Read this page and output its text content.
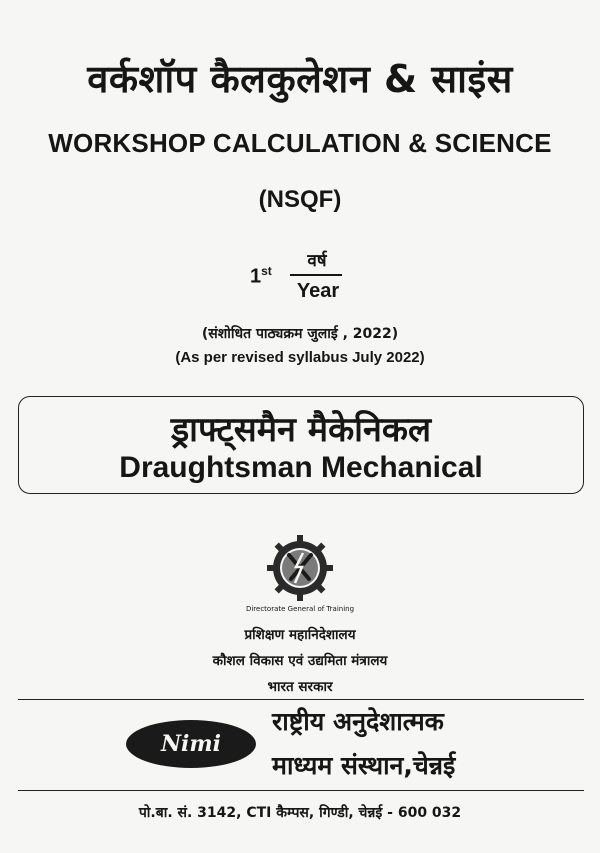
वर्कशॉप कैलकुलेशन & साइंस
WORKSHOP CALCULATION & SCIENCE
(NSQF)
1st	वर्ष
Year
(संशोधित पाठ्यक्रम जुलाई , 2022)
(As per revised syllabus July 2022)
ड्राफ्ट्समैन मैकेनिकल
Draughtsman Mechanical
Directorate General of Training
प्रशिक्षण महानिदेशालय
कौशल विकास एवं उद्यमिता मंत्रालय
भारत सरकार
Nimi
राष्ट्रीय अनुदेशात्मक
माध्यम संस्थान,चेन्नई
पो.बा. सं. 3142, CTI कैम्पस, गिण्डी, चेन्नई - 600 032
